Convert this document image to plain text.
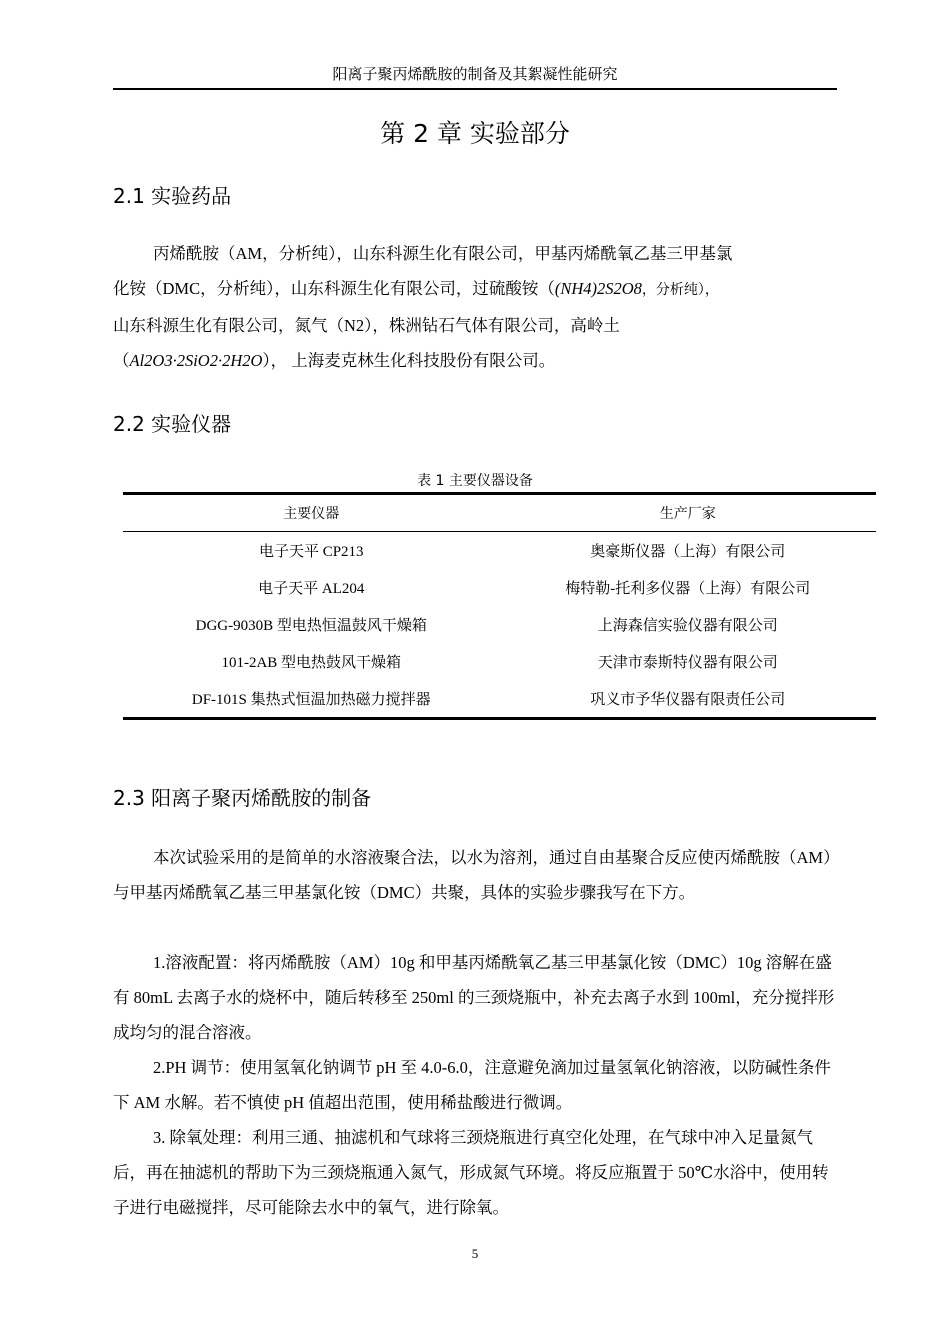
阳离子聚丙烯酰胺的制备及其絮凝性能研究
第 2 章 实验部分
2.1 实验药品
丙烯酰胺（AM，分析纯），山东科源生化有限公司，甲基丙烯酰氧乙基三甲基氯
化铵（DMC，分析纯），山东科源生化有限公司，过硫酸铵（(NH4)2S2O8，分析纯），
山东科源生化有限公司，氮气（N2），株洲钻石气体有限公司，高岭土
（Al2O3·2SiO2·2H2O）， 上海麦克林生化科技股份有限公司。
2.2 实验仪器
表 1 主要仪器设备
主要仪器	生产厂家
电子天平 CP213	奥豪斯仪器（上海）有限公司
电子天平 AL204	梅特勒-托利多仪器（上海）有限公司
DGG-9030B 型电热恒温鼓风干燥箱	上海森信实验仪器有限公司
101-2AB 型电热鼓风干燥箱	天津市泰斯特仪器有限公司
DF-101S 集热式恒温加热磁力搅拌器	巩义市予华仪器有限责任公司
2.3 阳离子聚丙烯酰胺的制备
本次试验采用的是简单的水溶液聚合法，以水为溶剂，通过自由基聚合反应使丙烯酰胺（AM）与甲基丙烯酰氧乙基三甲基氯化铵（DMC）共聚，具体的实验步骤我写在下方。
1.溶液配置：将丙烯酰胺（AM）10g 和甲基丙烯酰氧乙基三甲基氯化铵（DMC）10g 溶解在盛有 80mL 去离子水的烧杯中，随后转移至 250ml 的三颈烧瓶中，补充去离子水到 100ml，充分搅拌形成均匀的混合溶液。
2.PH 调节：使用氢氧化钠调节 pH 至 4.0-6.0，注意避免滴加过量氢氧化钠溶液，以防碱性条件下 AM 水解。若不慎使 pH 值超出范围，使用稀盐酸进行微调。
3. 除氧处理：利用三通、抽滤机和气球将三颈烧瓶进行真空化处理，在气球中冲入足量氮气后，再在抽滤机的帮助下为三颈烧瓶通入氮气，形成氮气环境。将反应瓶置于 50℃水浴中，使用转子进行电磁搅拌，尽可能除去水中的氧气，进行除氧。
5
